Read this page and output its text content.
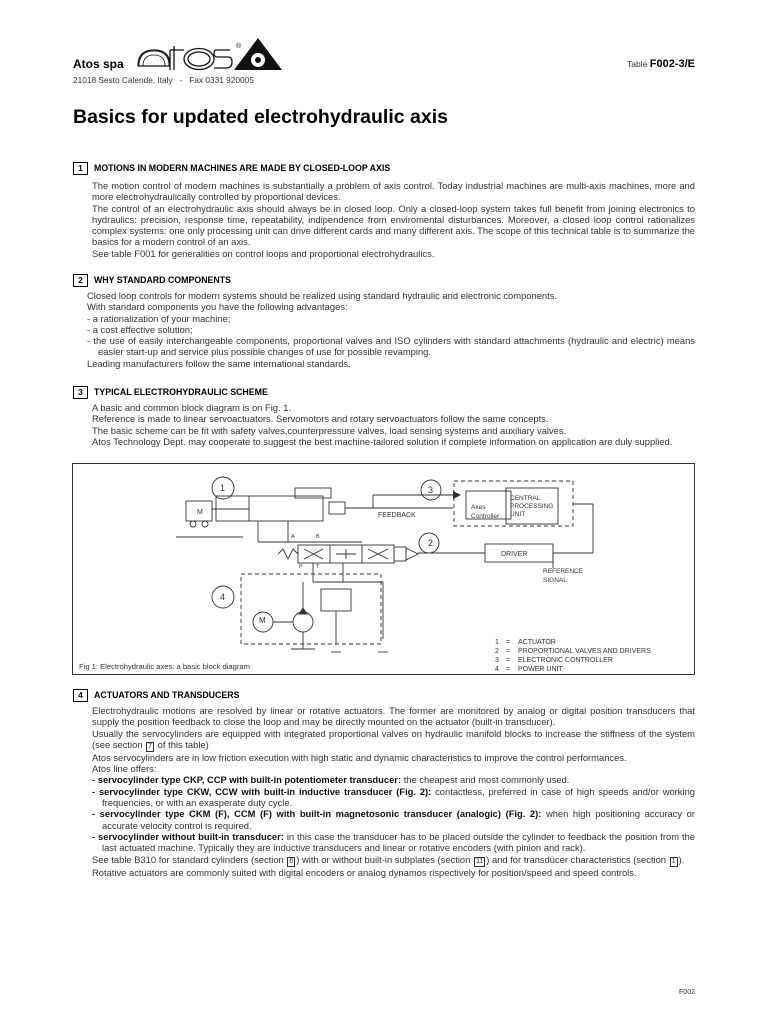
Atos spa
®
21018 Sesto Calende, Italy   -   Fax 0331 920005
Table F002-3/E
Basics for updated electrohydraulic axis
1	MOTIONS IN MODERN MACHINES ARE MADE BY CLOSED-LOOP AXIS

The motion control of modern machines is substantially a problem of axis control. Today industrial machines are multi-axis machines, more and more electrohydraulically controlled by proportional devices.

The control of an electrohydraulic axis should always be in closed loop. Only a closed-loop system takes full benefit from joining electronics to hydraulics: precision, response time, repeatability, indipendence from enviromental disturbances. Moreover, a closed loop control rationalizes complex systems: one only processing unit can drive different cards and many different axis. The scope of this technical table is to summarize the basics for a modern control of an axis.

See table F001 for generalities on control loops and proportional electrohydraulics.

2	WHY STANDARD COMPONENTS

Closed loop controls for modern systems should be realized using standard hydraulic and electronic components.

With standard components you have the following advantages:

- a rationalization of your machine;

- a cost effective solution;

- the use of easily interchangeable components, proportional valves and ISO cylinders with standard attachments (hydraulic and electric) means easier start-up and service plus possible changes of use for possible revamping.

Leading manufacturers follow the same international standards.

3	TYPICAL ELECTROHYDRAULIC SCHEME

A basic and common block diagram is on Fig. 1.

Reference is made to linear servoactuators. Servomotors and rotary servoactuators follow the same concepts.

The basic scheme can be fit with safety valves,counterpressure valves, load sensing systems and auxiliary valves.

Atos Technology Dept. may cooperate to suggest the best machine-tailored solution if complete information on application are duly supplied.

M
M
1
2
3
4
FEEDBACK
Axes
Controller
CENTRAL
PROCESSING
UNIT
DRIVER
REFERENCE
SIGNAL
A	B
P T
1 = ACTUATOR
2 = PROPORTIONAL VALVES AND DRIVERS
3 = ELECTRONIC CONTROLLER
4 = POWER UNIT
Fig 1: Electrohydraulic axes: a basic block diagram
4	ACTUATORS AND TRANSDUCERS

Electrohydraulic motions are resolved by linear or rotative actuators. The former are monitored by analog or digital position transducers that supply the position feedback to close the loop and may be directly mounted on the actuator (built-in transducer).

Usually the servocylinders are equipped with integrated proportional valves on hydraulic manifold blocks to increase the stiffness of the system (see section 7 of this table)

Atos servocylinders are in low friction execution with high static and dynamic characteristics to improve the control performances.

Atos line offers:

- servocylinder type CKP, CCP with built-in potentiometer transducer: the cheapest and most commonly used.

- servocylinder type CKW, CCW with built-in inductive transducer (Fig. 2): contactless, preferred in case of high speeds and/or working frequencies, or with an exasperate duty cycle.

- servocylinder type CKM (F), CCM (F) with built-in magnetosonic transducer (analogic) (Fig. 2): when high positioning accuracy or accurate velocity control is required.

- servocylinder without built-in transducer: in this case the transducer has to be placed outside the cylinder to feedback the position from the last actuated machine. Typically they are inductive transducers and linear or rotative encoders (with pinion and rack).

See table B310 for standard cylinders (section 6 ) with or without built-in subplates (section 11 ) and for transducer characteristics (section 1 ).

Rotative actuators are commonly suited with digital encoders or analog dynamos rispectively for position/speed and speed controls.

F002
